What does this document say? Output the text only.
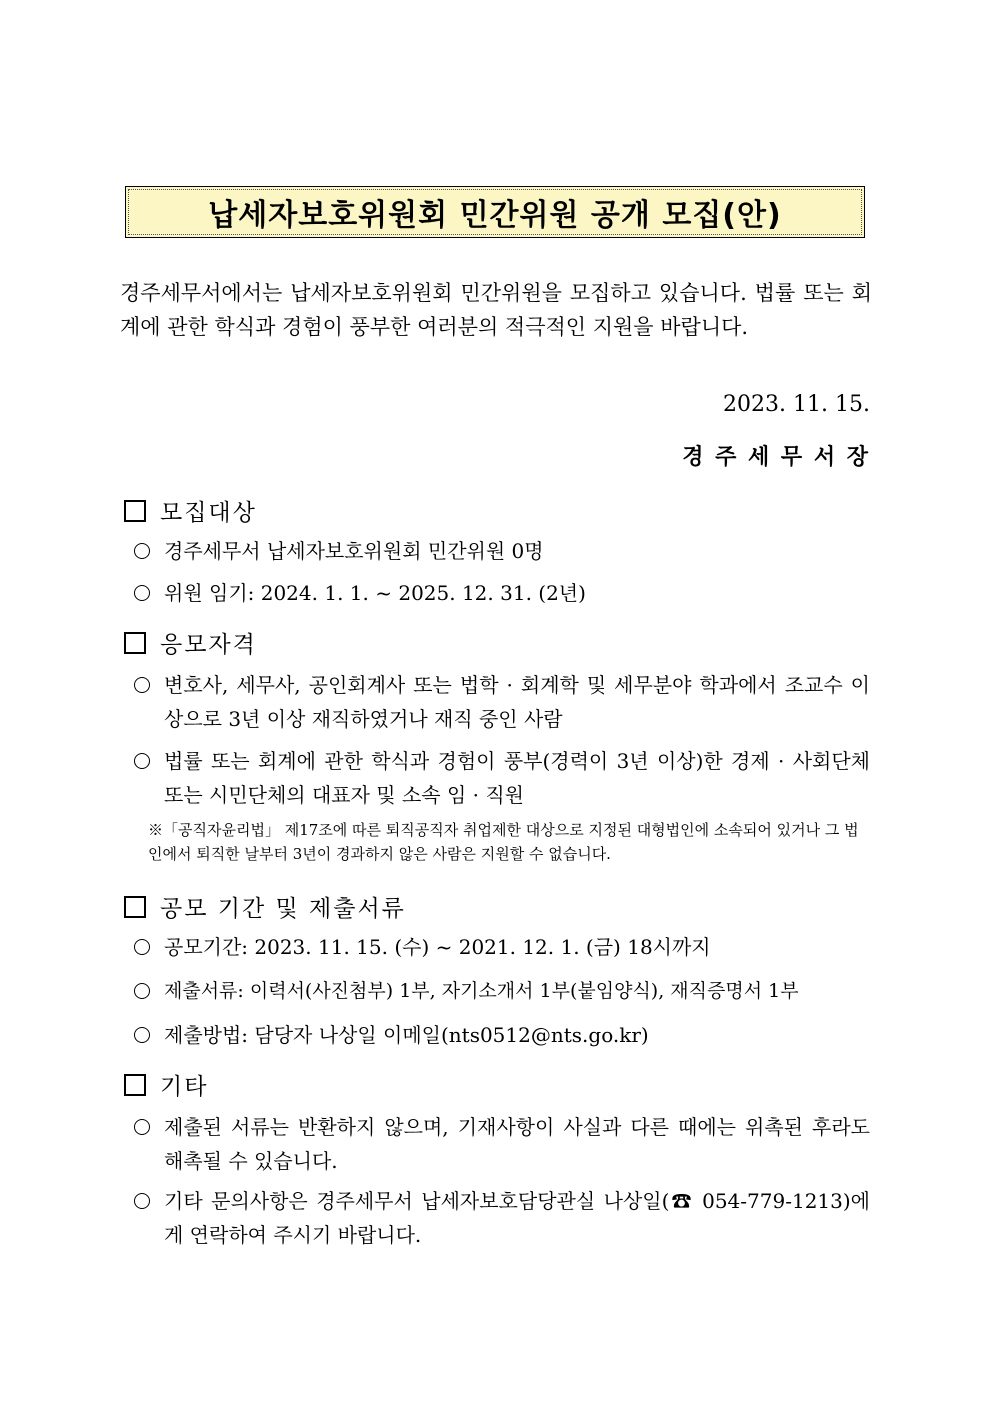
납세자보호위원회 민간위원 공개 모집(안)
경주세무서에서는 납세자보호위원회 민간위원을 모집하고 있습니다. 법률 또는 회계에 관한 학식과 경험이 풍부한 여러분의 적극적인 지원을 바랍니다.
2023. 11. 15.
경 주 세 무 서 장
모집대상
경주세무서 납세자보호위원회 민간위원 0명
위원 임기: 2024. 1. 1. ~ 2025. 12. 31. (2년)
응모자격
변호사, 세무사, 공인회계사 또는 법학 · 회계학 및 세무분야 학과에서 조교수 이상으로 3년 이상 재직하였거나 재직 중인 사람
법률 또는 회계에 관한 학식과 경험이 풍부(경력이 3년 이상)한 경제 · 사회단체 또는 시민단체의 대표자 및 소속 임 · 직원
※「공직자윤리법」 제17조에 따른 퇴직공직자 취업제한 대상으로 지정된 대형법인에 소속되어 있거나 그 법인에서 퇴직한 날부터 3년이 경과하지 않은 사람은 지원할 수 없습니다.
공모 기간 및 제출서류
공모기간: 2023. 11. 15. (수) ~ 2021. 12. 1. (금) 18시까지
제출서류: 이력서(사진첨부) 1부, 자기소개서 1부(붙임양식), 재직증명서 1부
제출방법: 담당자 나상일 이메일(nts0512@nts.go.kr)
기타
제출된 서류는 반환하지 않으며, 기재사항이 사실과 다른 때에는 위촉된 후라도 해촉될 수 있습니다.
기타 문의사항은 경주세무서 납세자보호담당관실 나상일(☎ 054-779-1213)에게 연락하여 주시기 바랍니다.
